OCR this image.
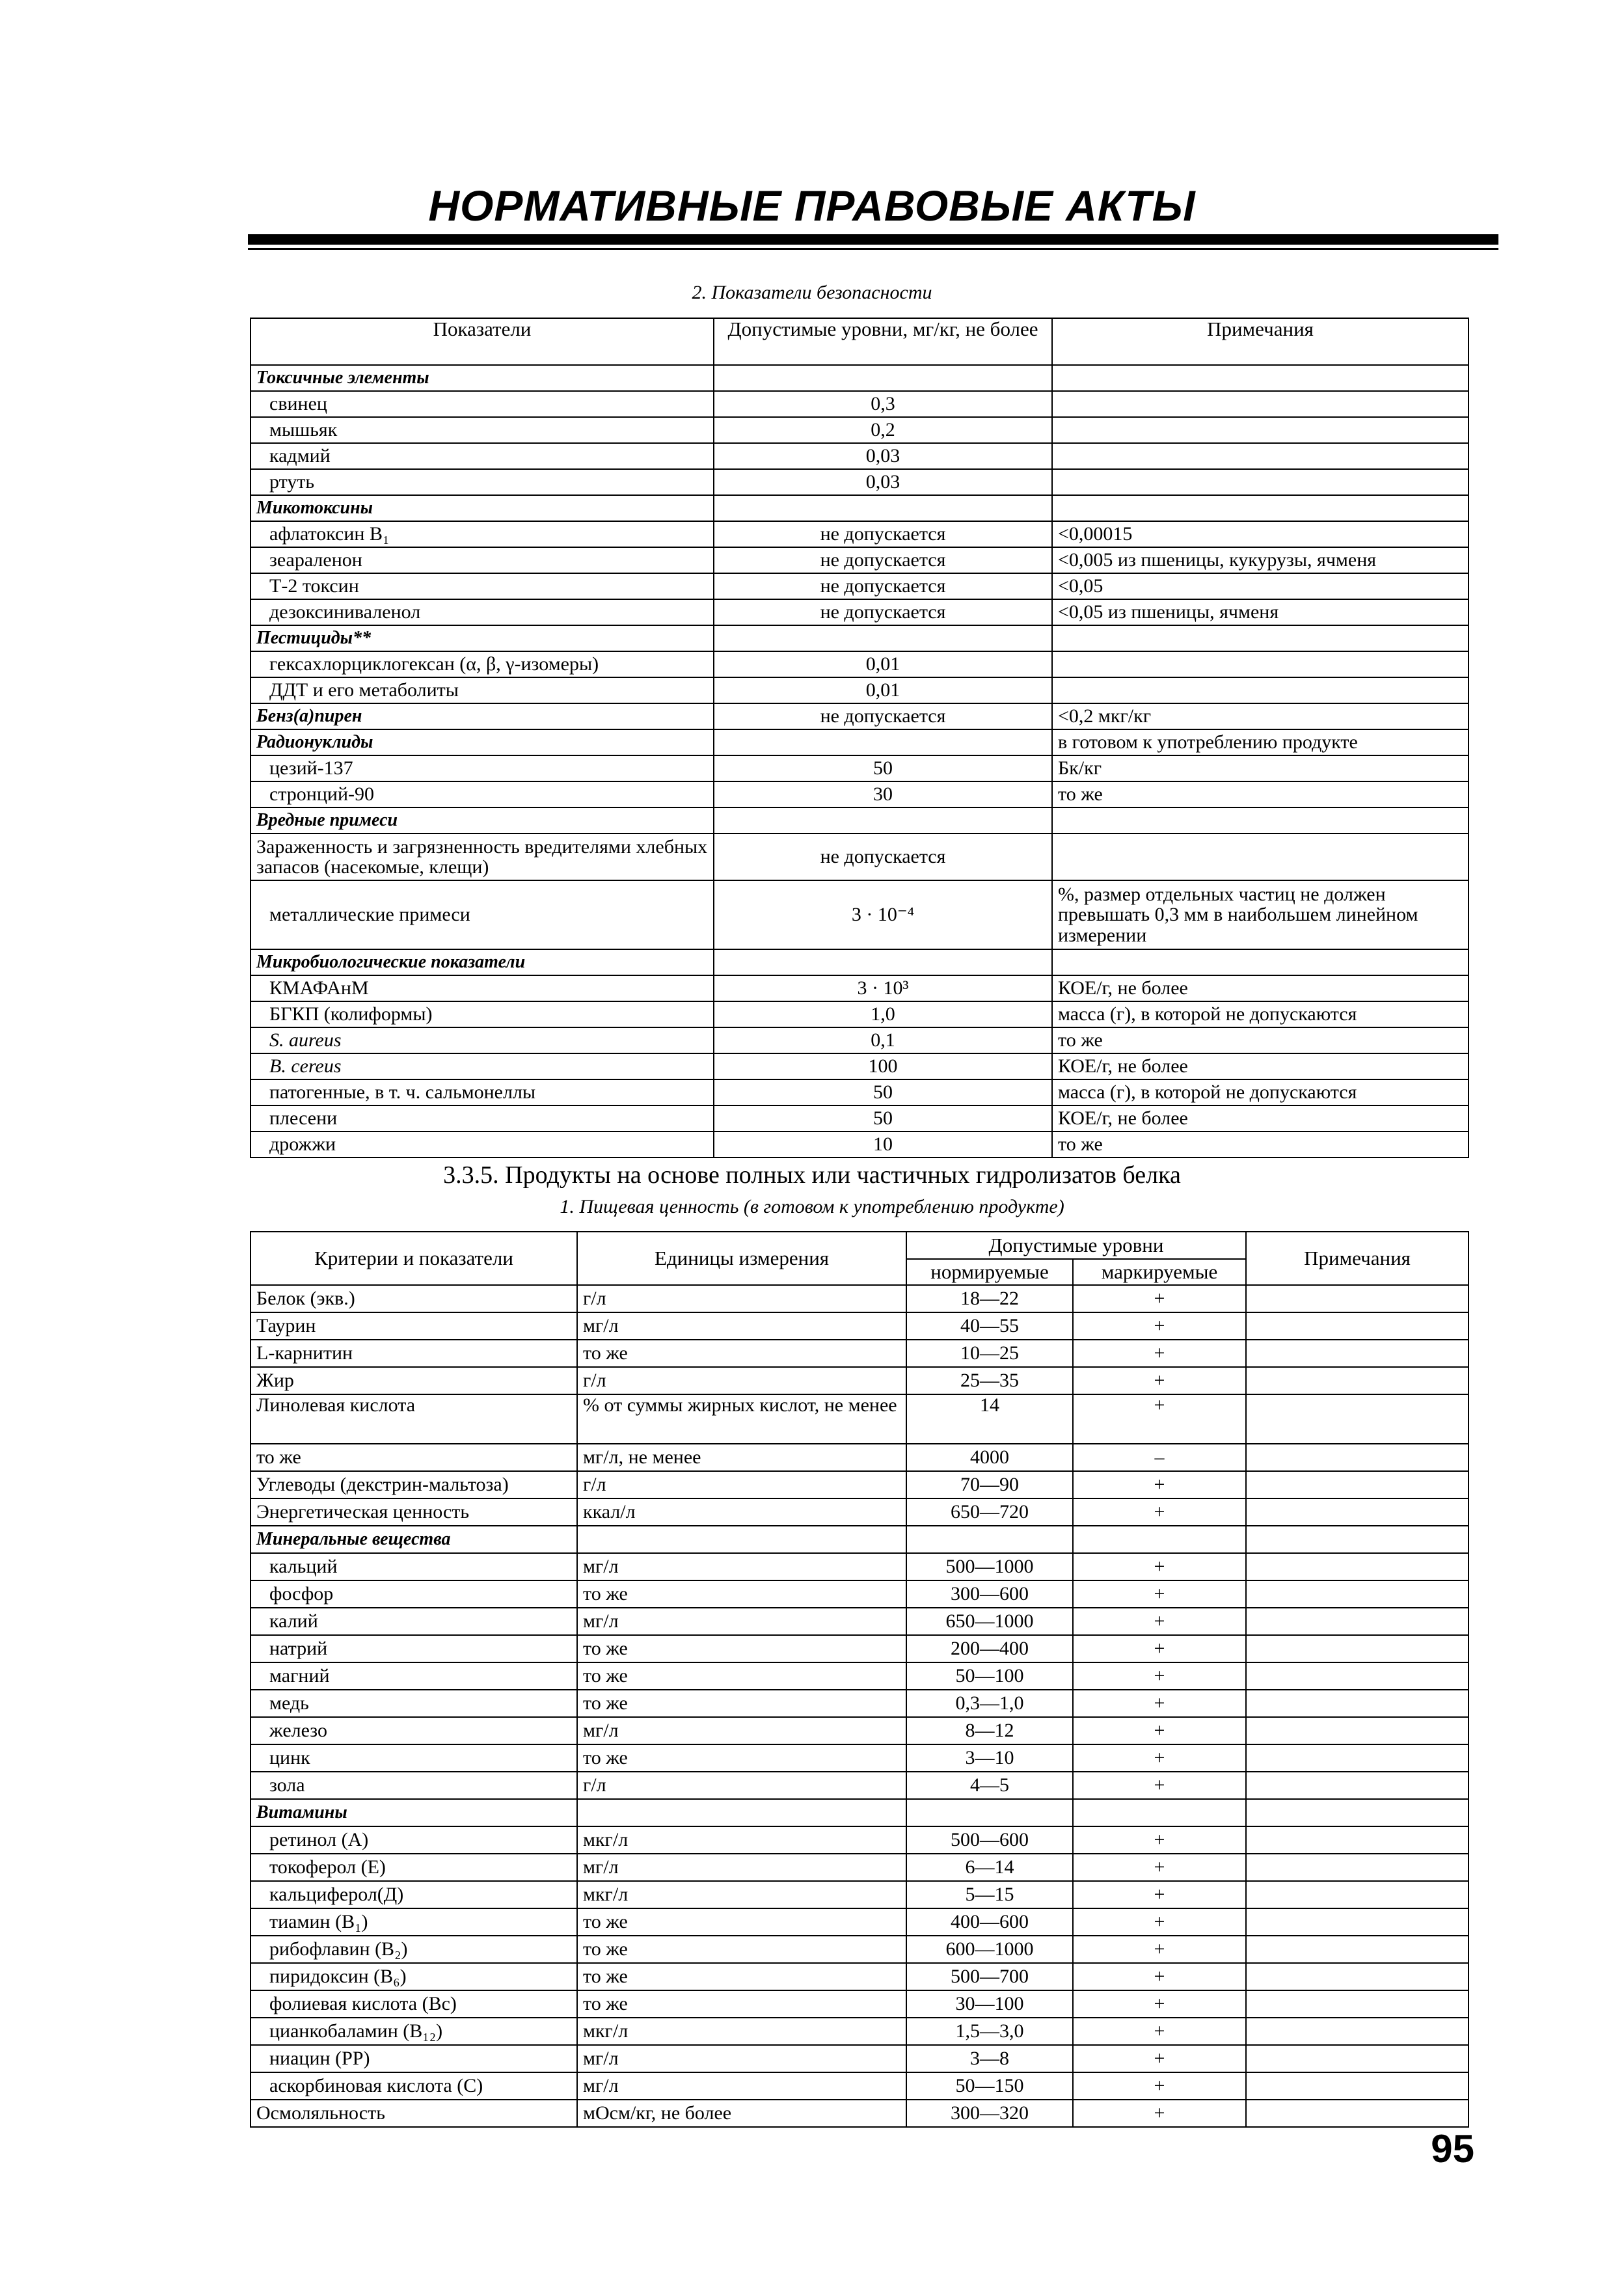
НОРМАТИВНЫЕ ПРАВОВЫЕ АКТЫ
2. Показатели безопасности
Показатели	Допустимые уровни, мг/кг, не более	Примечания
Токсичные элементы		
свинец	0,3	
мышьяк	0,2	
кадмий	0,03	
ртуть	0,03	
Микотоксины		
афлатоксин B₁	не допускается	<0,00015
зеараленон	не допускается	<0,005 из пшеницы, кукурузы, ячменя
Т-2 токсин	не допускается	<0,05
дезоксиниваленол	не допускается	<0,05 из пшеницы, ячменя
Пестициды**		
гексахлорциклогексан (α, β, γ-изомеры)	0,01	
ДДТ и его метаболиты	0,01	
Бенз(а)пирен	не допускается	<0,2 мкг/кг
Радионуклиды		в готовом к употреблению продукте
цезий-137	50	Бк/кг
стронций-90	30	то же
Вредные примеси		
Зараженность и загрязненность вредителями хлебных запасов (насекомые, клещи)	не допускается	
металлические примеси	3 · 10⁻⁴	%, размер отдельных частиц не должен превышать 0,3 мм в наибольшем линейном измерении
Микробиологические показатели		
КМАФАнМ	3 · 10³	КОЕ/г, не более
БГКП (колиформы)	1,0	масса (г), в которой не допускаются
S. aureus	0,1	то же
B. cereus	100	КОЕ/г, не более
патогенные, в т. ч. сальмонеллы	50	масса (г), в которой не допускаются
плесени	50	КОЕ/г, не более
дрожжи	10	то же
3.3.5. Продукты на основе полных или частичных гидролизатов белка
1. Пищевая ценность (в готовом к употреблению продукте)
Критерии и показатели	Единицы измерения	Допустимые уровни		Примечания
		нормируемые	маркируемые	
Белок (экв.)	г/л	18—22	+	
Таурин	мг/л	40—55	+	
L-карнитин	то же	10—25	+	
Жир	г/л	25—35	+	
Линолевая кислота	% от суммы жирных кислот, не менее	14	+	
то же	мг/л, не менее	4000	–	
Углеводы (декстрин-мальтоза)	г/л	70—90	+	
Энергетическая ценность	ккал/л	650—720	+	
Минеральные вещества				
кальций	мг/л	500—1000	+	
фосфор	то же	300—600	+	
калий	мг/л	650—1000	+	
натрий	то же	200—400	+	
магний	то же	50—100	+	
медь	то же	0,3—1,0	+	
железо	мг/л	8—12	+	
цинк	то же	3—10	+	
зола	г/л	4—5	+	
Витамины				
ретинол (А)	мкг/л	500—600	+	
токоферол (Е)	мг/л	6—14	+	
кальциферол(Д)	мкг/л	5—15	+	
тиамин (B₁)	то же	400—600	+	
рибофлавин (B₂)	то же	600—1000	+	
пиридоксин (B₆)	то же	500—700	+	
фолиевая кислота (Вс)	то же	30—100	+	
цианкобаламин (B₁₂)	мкг/л	1,5—3,0	+	
ниацин (PP)	мг/л	3—8	+	
аскорбиновая кислота (С)	мг/л	50—150	+	
Осмоляльность	мОсм/кг, не более	300—320	+	
95
